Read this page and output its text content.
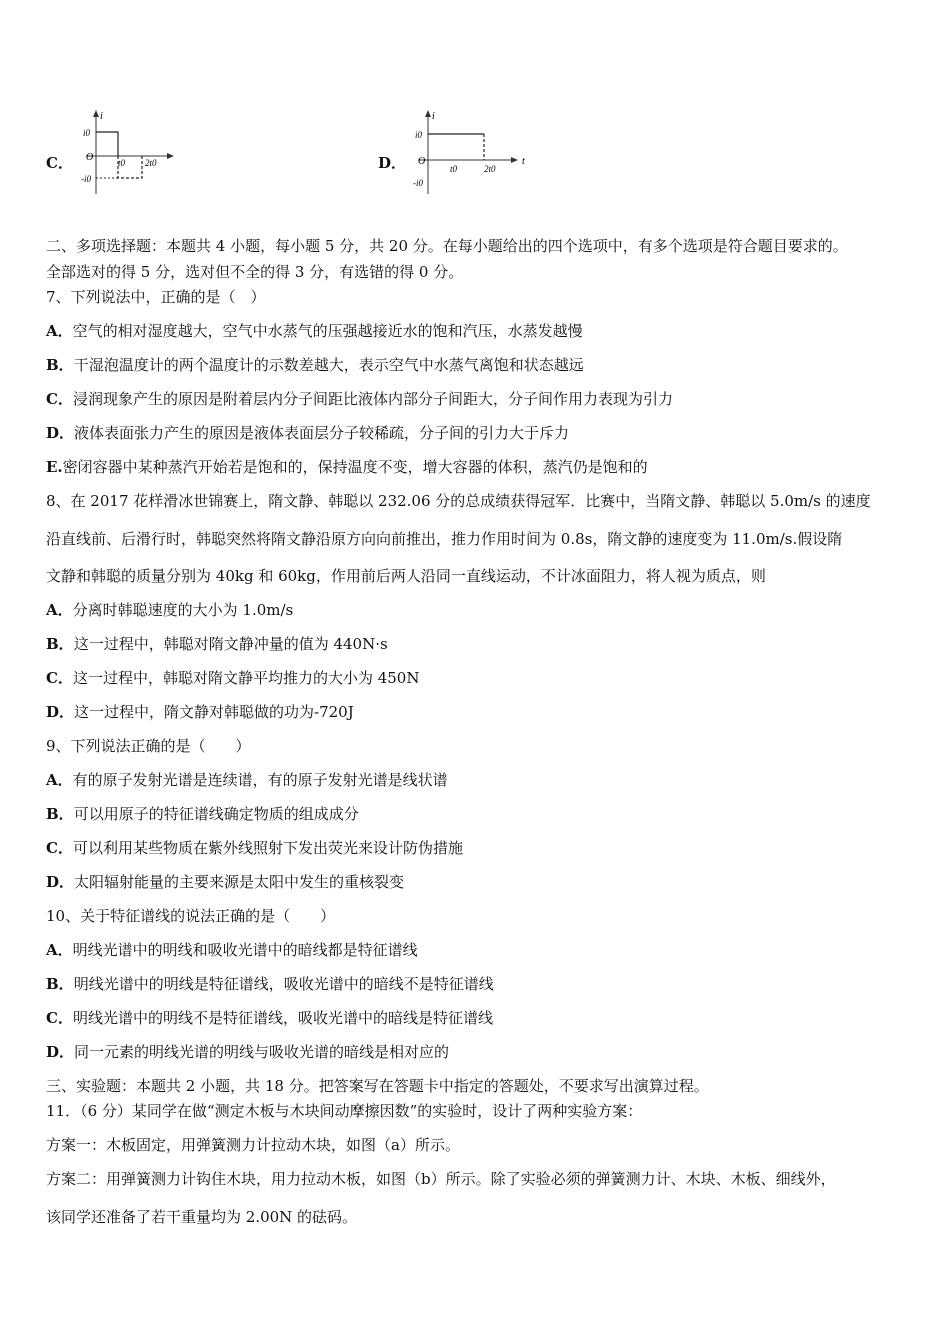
C．
i
i0
O
-i0
t0 2t0	D．
i
t
i0
O
-i0
t0	2t0
二、多项选择题：本题共 4 小题，每小题 5 分，共 20 分。在每小题给出的四个选项中，有多个选项是符合题目要求的。
全部选对的得 5 分，选对但不全的得 3 分，有选错的得 0 分。
7、下列说法中，正确的是（　）
A．空气的相对湿度越大，空气中水蒸气的压强越接近水的饱和汽压，水蒸发越慢
B．干湿泡温度计的两个温度计的示数差越大，表示空气中水蒸气离饱和状态越远
C．浸润现象产生的原因是附着层内分子间距比液体内部分子间距大，分子间作用力表现为引力
D．液体表面张力产生的原因是液体表面层分子较稀疏，分子间的引力大于斥力
E.密闭容器中某种蒸汽开始若是饱和的，保持温度不变，增大容器的体积，蒸汽仍是饱和的
8、在 2017 花样滑冰世锦赛上，隋文静、韩聪以 232.06 分的总成绩获得冠军．比赛中，当隋文静、韩聪以 5.0m/s 的速度
沿直线前、后滑行时，韩聪突然将隋文静沿原方向向前推出，推力作用时间为 0.8s，隋文静的速度变为 11.0m/s.假设隋
文静和韩聪的质量分别为 40kg 和 60kg，作用前后两人沿同一直线运动，不计冰面阻力，将人视为质点，则
A．分离时韩聪速度的大小为 1.0m/s
B．这一过程中，韩聪对隋文静冲量的值为 440N·s
C．这一过程中，韩聪对隋文静平均推力的大小为 450N
D．这一过程中，隋文静对韩聪做的功为-720J
9、下列说法正确的是（　　）
A．有的原子发射光谱是连续谱，有的原子发射光谱是线状谱
B．可以用原子的特征谱线确定物质的组成成分
C．可以利用某些物质在紫外线照射下发出荧光来设计防伪措施
D．太阳辐射能量的主要来源是太阳中发生的重核裂变
10、关于特征谱线的说法正确的是（　　）
A．明线光谱中的明线和吸收光谱中的暗线都是特征谱线
B．明线光谱中的明线是特征谱线，吸收光谱中的暗线不是特征谱线
C．明线光谱中的明线不是特征谱线，吸收光谱中的暗线是特征谱线
D．同一元素的明线光谱的明线与吸收光谱的暗线是相对应的
三、实验题：本题共 2 小题，共 18 分。把答案写在答题卡中指定的答题处，不要求写出演算过程。
11．（6 分）某同学在做“测定木板与木块间动摩擦因数”的实验时，设计了两种实验方案：
方案一：木板固定，用弹簧测力计拉动木块，如图（a）所示。
方案二：用弹簧测力计钩住木块，用力拉动木板，如图（b）所示。除了实验必须的弹簧测力计、木块、木板、细线外，
该同学还准备了若干重量均为 2.00N 的砝码。
